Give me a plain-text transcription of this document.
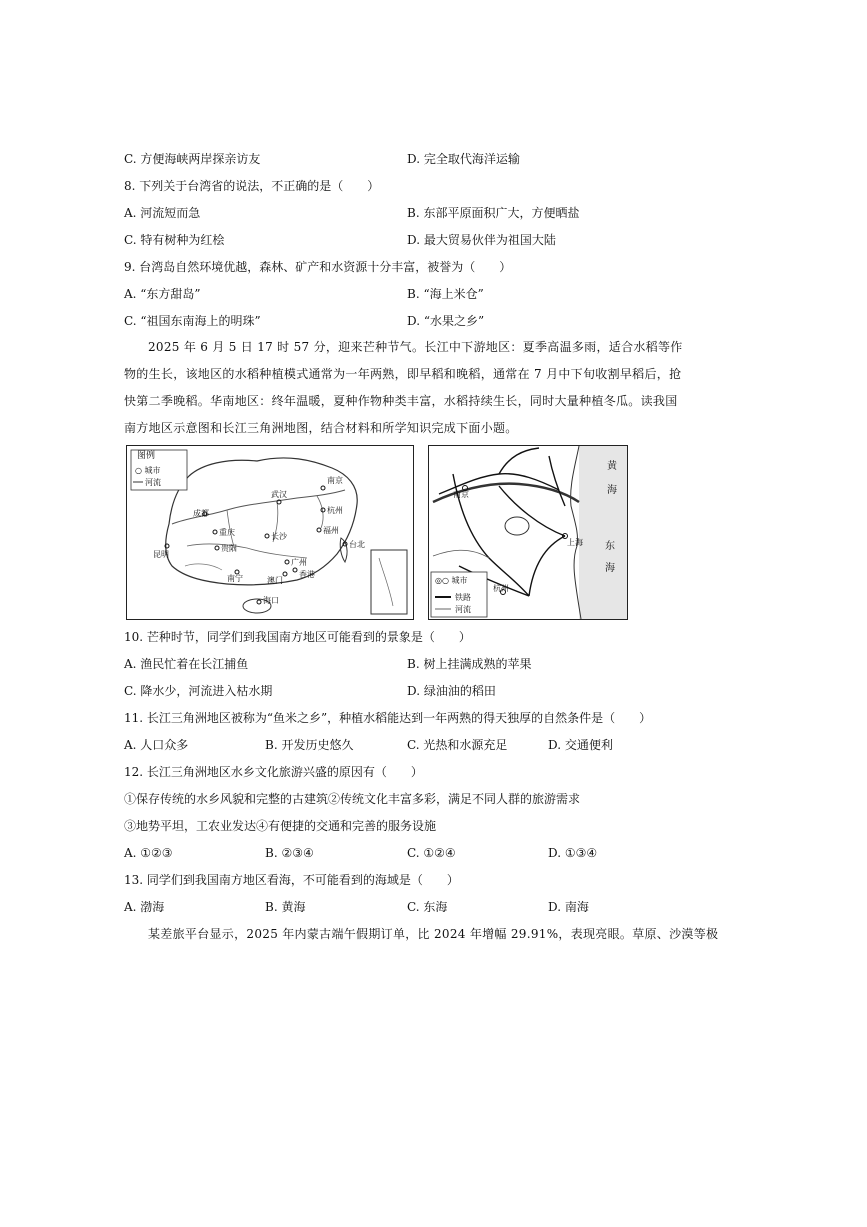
C. 方便海峡两岸探亲访友	D. 完全取代海洋运输
8. 下列关于台湾省的说法，不正确的是（　　）
A. 河流短而急	B. 东部平原面积广大，方便晒盐
C. 特有树种为红桧	D. 最大贸易伙伴为祖国大陆
9. 台湾岛自然环境优越，森林、矿产和水资源十分丰富，被誉为（　　）
A. “东方甜岛”	B. “海上米仓”
C. “祖国东南海上的明珠”	D. “水果之乡”
2025 年 6 月 5 日 17 时 57 分，迎来芒种节气。长江中下游地区：夏季高温多雨，适合水稻等作物的生长，该地区的水稻种植模式通常为一年两熟，即早稻和晚稻，通常在 7 月中下旬收割早稻后，抢快第二季晚稻。华南地区：终年温暖，夏种作物种类丰富，水稻持续生长，同时大量种植冬瓜。读我国南方地区示意图和长江三角洲地图，结合材料和所学知识完成下面小题。
图例
○ 城市
河流
成都
重庆
贵阳
昆明
长沙
武汉
南京
杭州
福州
台北
南宁
广州
香港
澳门
海口
黄
海
东
海
南京
上海
杭州
◎○ 城市
铁路
河流
10. 芒种时节，同学们到我国南方地区可能看到的景象是（　　）
A. 渔民忙着在长江捕鱼	B. 树上挂满成熟的苹果
C. 降水少，河流进入枯水期	D. 绿油油的稻田
11. 长江三角洲地区被称为“鱼米之乡”，种植水稻能达到一年两熟的得天独厚的自然条件是（　　）
A. 人口众多	B. 开发历史悠久	C. 光热和水源充足	D. 交通便利
12. 长江三角洲地区水乡文化旅游兴盛的原因有（　　）
①保存传统的水乡风貌和完整的古建筑②传统文化丰富多彩，满足不同人群的旅游需求
③地势平坦，工农业发达④有便捷的交通和完善的服务设施
A. ①②③	B. ②③④	C. ①②④	D. ①③④
13. 同学们到我国南方地区看海，不可能看到的海域是（　　）
A. 渤海	B. 黄海	C. 东海	D. 南海
某差旅平台显示，2025 年内蒙古端午假期订单，比 2024 年增幅 29.91%，表现亮眼。草原、沙漠等极
